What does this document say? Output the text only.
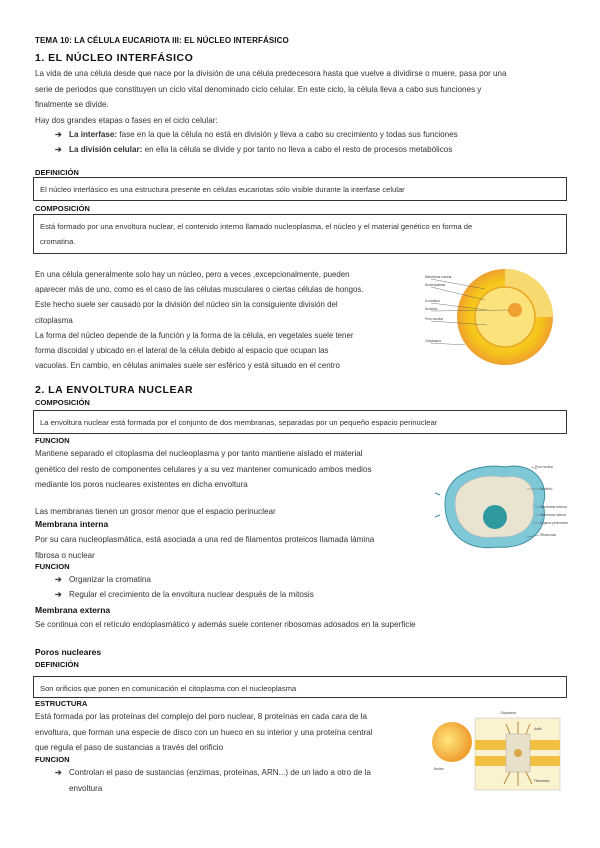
TEMA 10: LA CÉLULA EUCARIOTA III: EL NÚCLEO INTERFÁSICO
1. EL NÚCLEO INTERFÁSICO
La vida de una célula desde que nace por la división de una célula predecesora hasta que vuelve a dividirse o muere, pasa por una
serie de periodos que constituyen un ciclo vital denominado ciclo celular. En este ciclo, la célula lleva a cabo sus funciones y
finalmente se divide.
Hay dos grandes etapas o fases en el ciclo celular:
➔ La interfase: fase en la que la célula no está en división y lleva a cabo su crecimiento y todas sus funciones
➔ La división celular: en ella la célula se divide y por tanto no lleva a cabo el resto de procesos metabólicos
DEFINICIÓN
El núcleo interfásico es una estructura presente en células eucariotas sólo visible durante la interfase celular
COMPOSICIÓN
Está formado por una envoltura nuclear, el contenido interno llamado nucleoplasma, el núcleo y el material genético en forma de
cromatina.
En una célula generalmente solo hay un núcleo, pero a veces ,excepcionalmente, pueden
aparecer más de uno, como es el caso de las células musculares o ciertas células de hongos.
Este hecho suele ser causado por la división del núcleo sin la consiguiente división del
citoplasma
La forma del núcleo depende de la función y la forma de la célula, en vegetales suele tener
forma discoidal y ubicado en el lateral de la célula debido al espacio que ocupan las
vacuolas. En cambio, en células animales suele ser esférico y está situado en el centro
Membrana nuclear
Nucleoplasma
Cromatina
Nucléolo
Poro nuclear
Citoplasma
2. LA ENVOLTURA NUCLEAR
COMPOSICIÓN
La envoltura nuclear está formada por el conjunto de dos membranas, separadas por un pequeño espacio perinuclear
FUNCION
Mantiene separado el citoplasma del nucleoplasma y por tanto mantiene aislado el material
genético del resto de componentes celulares y a su vez mantener comunicado ambos medios
mediante los poros nucleares existentes en dicha envoltura
Las membranas tienen un grosor menor que el espacio perinuclear
Membrana interna
Por su cara nucleoplasmática, está asociada a una red de filamentos proteicos llamada lámina
fibrosa o nuclear
FUNCION
➔ Organizar la cromatina
➔ Regular el crecimiento de la envoltura nuclear después de la mitosis
Membrana externa
Se continua con el retículo endoplasmático y además suele contener ribosomas adosados en la superficie
Poro nuclear
Nucléolo
Membrana externa
Membrana interna
Espacio perinuclear
Ribosomas
Poros nucleares
DEFINICIÓN
Son orificios que ponen en comunicación el citoplasma con el nucleoplasma
ESTRUCTURA
Está formada por las proteínas del complejo del poro nuclear, 8 proteínas en cada cara de la
envoltura, que forman una especie de disco con un hueco en su interior y una proteína central
que regula el paso de sustancias a través del orificio
FUNCION
➔ Controlan el paso de sustancias (enzimas, proteínas, ARN...) de un lado a otro de la
envoltura
Citoplasma
Núcleo
Anillo
Filamentos
